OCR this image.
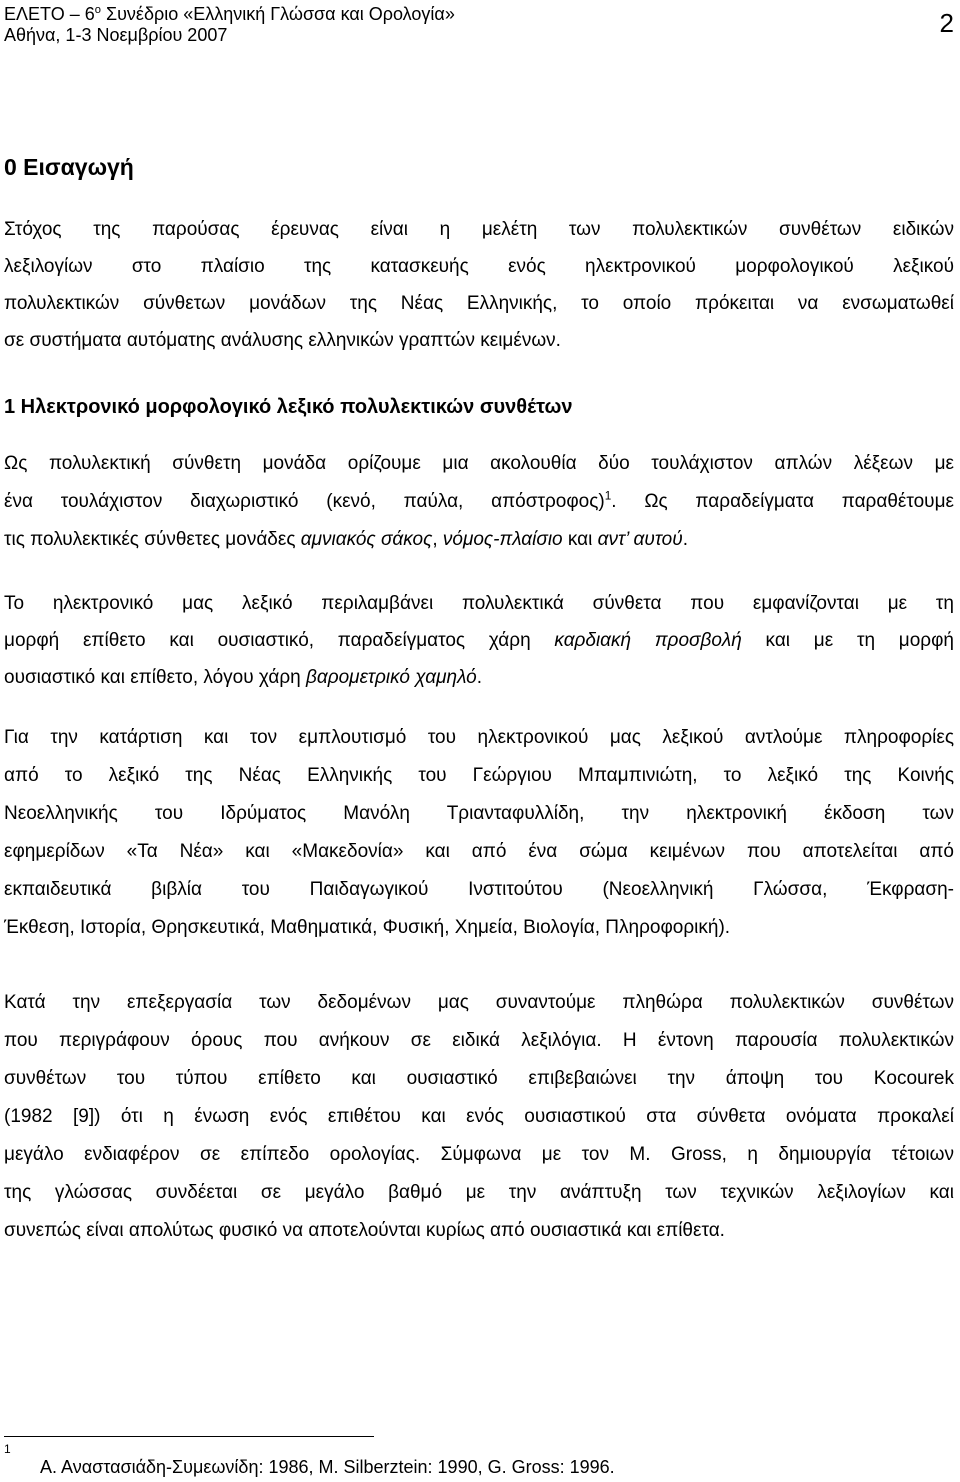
ΕΛΕΤΟ – $6^o$ Συνέδριο «Ελληνική Γλώσσα και Ορολογία»
Αθήνα, 1-3 Νοεμβρίου 2007	2
0 Εισαγωγή
Στόχος της παρούσας έρευνας είναι η μελέτη των πολυλεκτικών συνθέτων ειδικών
λεξιλογίων στο πλαίσιο της κατασκευής ενός ηλεκτρονικού μορφολογικού λεξικού
πολυλεκτικών σύνθετων μονάδων της Νέας Ελληνικής, το οποίο πρόκειται να ενσωματωθεί
σε συστήματα αυτόματης ανάλυσης ελληνικών γραπτών κειμένων.
1 Ηλεκτρονικό μορφολογικό λεξικό πολυλεκτικών συνθέτων
Ως πολυλεκτική σύνθετη μονάδα ορίζουμε μια ακολουθία δύο τουλάχιστον απλών λέξεων με
ένα τουλάχιστον διαχωριστικό (κενό, παύλα, απόστροφος)$^1$. Ως παραδείγματα παραθέτουμε
τις πολυλεκτικές σύνθετες μονάδες αμνιακός σάκος, νόμος-πλαίσιο και αντ’ αυτού.
Το ηλεκτρονικό μας λεξικό περιλαμβάνει πολυλεκτικά σύνθετα που εμφανίζονται με τη
μορφή επίθετο και ουσιαστικό, παραδείγματος χάρη καρδιακή προσβολή και με τη μορφή
ουσιαστικό και επίθετο, λόγου χάρη βαρομετρικό χαμηλό.
Για την κατάρτιση και τον εμπλουτισμό του ηλεκτρονικού μας λεξικού αντλούμε πληροφορίες
από το λεξικό της Νέας Ελληνικής του Γεώργιου Μπαμπινιώτη, το λεξικό της Κοινής
Νεοελληνικής του Ιδρύματος Μανόλη Τριανταφυλλίδη, την ηλεκτρονική έκδοση των
εφημερίδων «Τα Νέα» και «Μακεδονία» και από ένα σώμα κειμένων που αποτελείται από
εκπαιδευτικά βιβλία του Παιδαγωγικού Ινστιτούτου (Νεοελληνική Γλώσσα, Έκφραση-
Έκθεση, Ιστορία, Θρησκευτικά, Μαθηματικά, Φυσική, Χημεία, Βιολογία, Πληροφορική).
Κατά την επεξεργασία των δεδομένων μας συναντούμε πληθώρα πολυλεκτικών συνθέτων
που περιγράφουν όρους που ανήκουν σε ειδικά λεξιλόγια. Η έντονη παρουσία πολυλεκτικών
συνθέτων του τύπου επίθετο και ουσιαστικό επιβεβαιώνει την άποψη του Kocourek
(1982 [9]) ότι η ένωση ενός επιθέτου και ενός ουσιαστικού στα σύνθετα ονόματα προκαλεί
μεγάλο ενδιαφέρον σε επίπεδο ορολογίας. Σύμφωνα με τον M. Gross, η δημιουργία τέτοιων
της γλώσσας συνδέεται σε μεγάλο βαθμό με την ανάπτυξη των τεχνικών λεξιλογίων και
συνεπώς είναι απολύτως φυσικό να αποτελούνται κυρίως από ουσιαστικά και επίθετα.
1
Α. Αναστασιάδη-Συμεωνίδη: 1986, M. Silberztein: 1990, G. Gross: 1996.
